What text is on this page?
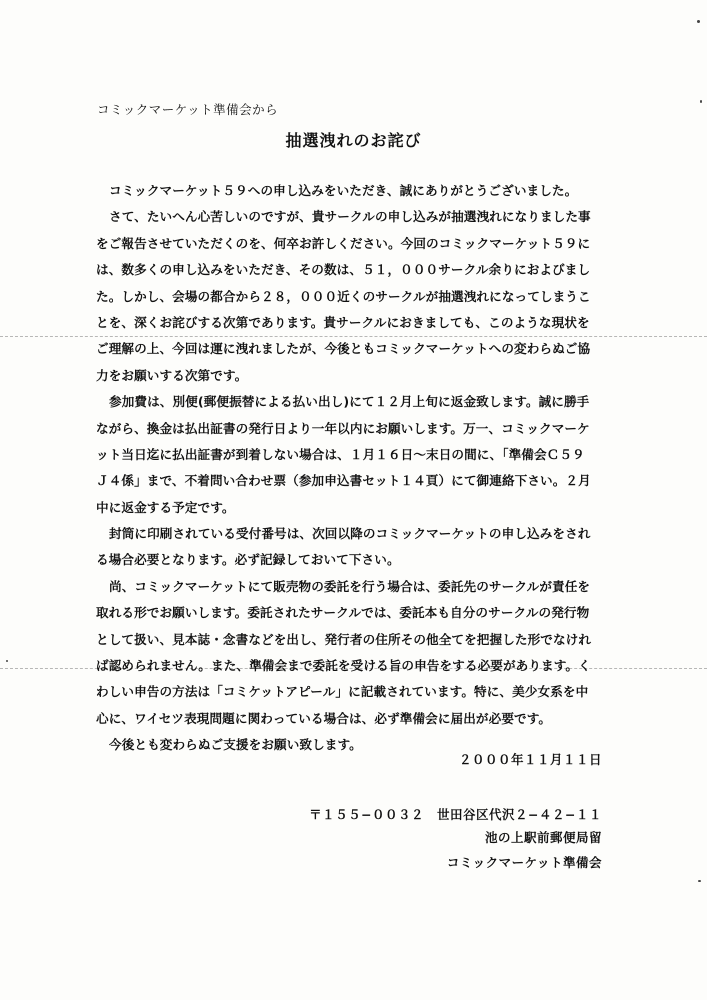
コミックマーケット準備会から
抽選洩れのお詫び
コミックマーケット５９への申し込みをいただき、誠にありがとうございました。
さて、たいへん心苦しいのですが、貴サークルの申し込みが抽選洩れになりました事
をご報告させていただくのを、何卒お許しください。今回のコミックマーケット５９に
は、数多くの申し込みをいただき、その数は、５１，０００サークル余りにおよびまし
た。しかし、会場の都合から２８，０００近くのサークルが抽選洩れになってしまうこ
とを、深くお詫びする次第であります。貴サークルにおきましても、このような現状を
ご理解の上、今回は運に洩れましたが、今後ともコミックマーケットへの変わらぬご協
力をお願いする次第です。
参加費は、別便(郵便振替による払い出し)にて１２月上旬に返金致します。誠に勝手
ながら、換金は払出証書の発行日より一年以内にお願いします。万一、コミックマーケ
ット当日迄に払出証書が到着しない場合は、１月１６日〜末日の間に、「準備会Ｃ５９
Ｊ４係」まで、不着問い合わせ票（参加申込書セット１４頁）にて御連絡下さい。２月
中に返金する予定です。
封筒に印刷されている受付番号は、次回以降のコミックマーケットの申し込みをされ
る場合必要となります。必ず記録しておいて下さい。
尚、コミックマーケットにて販売物の委託を行う場合は、委託先のサークルが責任を
取れる形でお願いします。委託されたサークルでは、委託本も自分のサークルの発行物
として扱い、見本誌・念書などを出し、発行者の住所その他全てを把握した形でなけれ
ば認められません。また、準備会まで委託を受ける旨の申告をする必要があります。く
わしい申告の方法は「コミケットアピール」に記載されています。特に、美少女系を中
心に、ワイセツ表現問題に関わっている場合は、必ず準備会に届出が必要です。
今後とも変わらぬご支援をお願い致します。
２０００年１１月１１日
〒１５５−００３２　世田谷区代沢２−４２−１１
池の上駅前郵便局留
コミックマーケット準備会
